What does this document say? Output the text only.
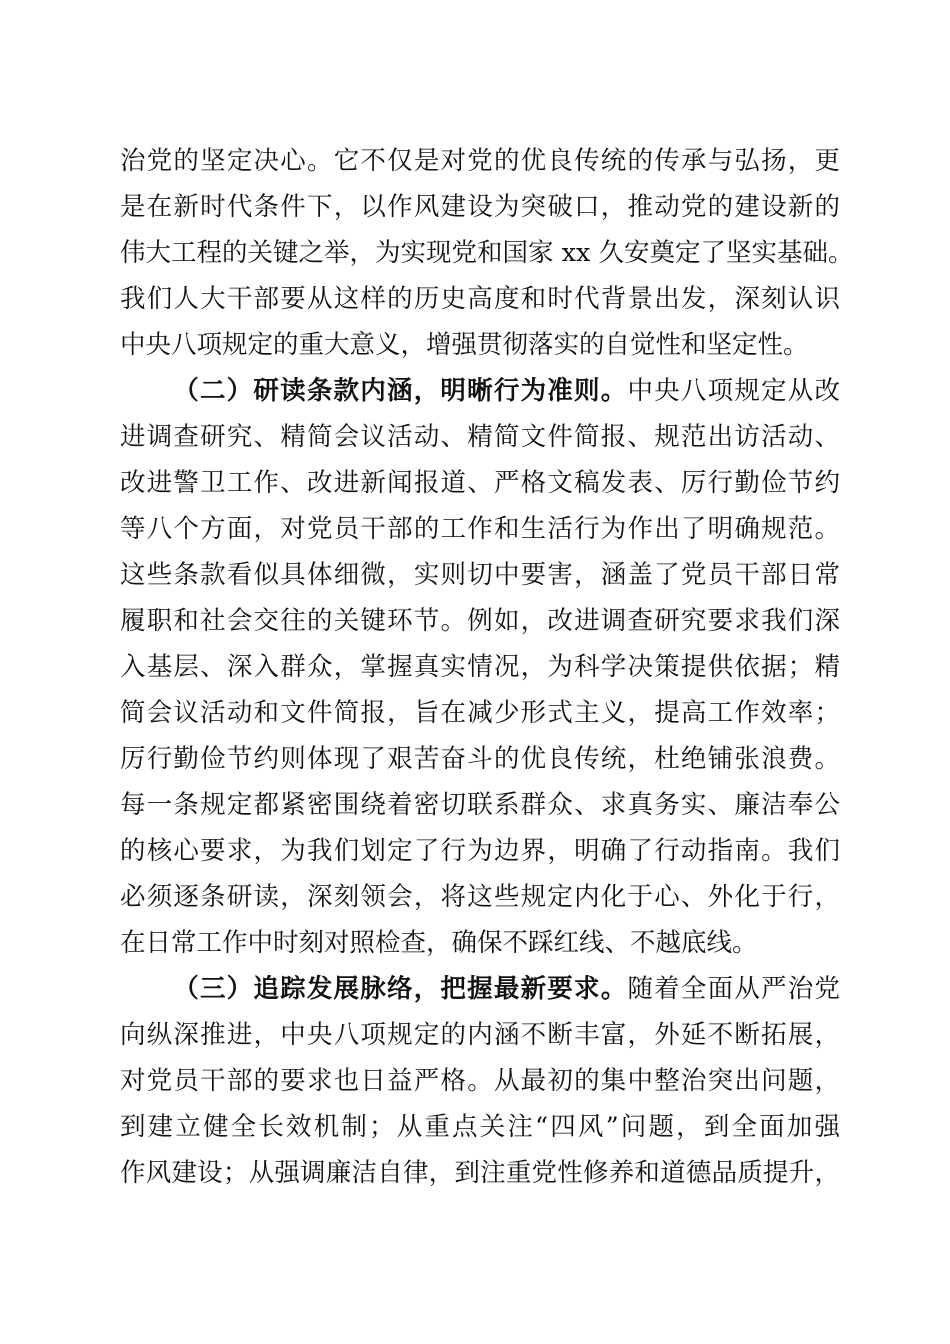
治党的坚定决心。它不仅是对党的优良传统的传承与弘扬，更
是在新时代条件下，以作风建设为突破口，推动党的建设新的
伟大工程的关键之举，为实现党和国家 xx 久安奠定了坚实基础。
我们人大干部要从这样的历史高度和时代背景出发，深刻认识
中央八项规定的重大意义，增强贯彻落实的自觉性和坚定性。
（二）研读条款内涵，明晰行为准则。中央八项规定从改
进调查研究、精简会议活动、精简文件简报、规范出访活动、
改进警卫工作、改进新闻报道、严格文稿发表、厉行勤俭节约
等八个方面，对党员干部的工作和生活行为作出了明确规范。
这些条款看似具体细微，实则切中要害，涵盖了党员干部日常
履职和社会交往的关键环节。例如，改进调查研究要求我们深
入基层、深入群众，掌握真实情况，为科学决策提供依据；精
简会议活动和文件简报，旨在减少形式主义，提高工作效率；
厉行勤俭节约则体现了艰苦奋斗的优良传统，杜绝铺张浪费。
每一条规定都紧密围绕着密切联系群众、求真务实、廉洁奉公
的核心要求，为我们划定了行为边界，明确了行动指南。我们
必须逐条研读，深刻领会，将这些规定内化于心、外化于行，
在日常工作中时刻对照检查，确保不踩红线、不越底线。
（三）追踪发展脉络，把握最新要求。随着全面从严治党
向纵深推进，中央八项规定的内涵不断丰富，外延不断拓展，
对党员干部的要求也日益严格。从最初的集中整治突出问题，
到建立健全长效机制；从重点关注“四风”问题，到全面加强
作风建设；从强调廉洁自律，到注重党性修养和道德品质提升，
